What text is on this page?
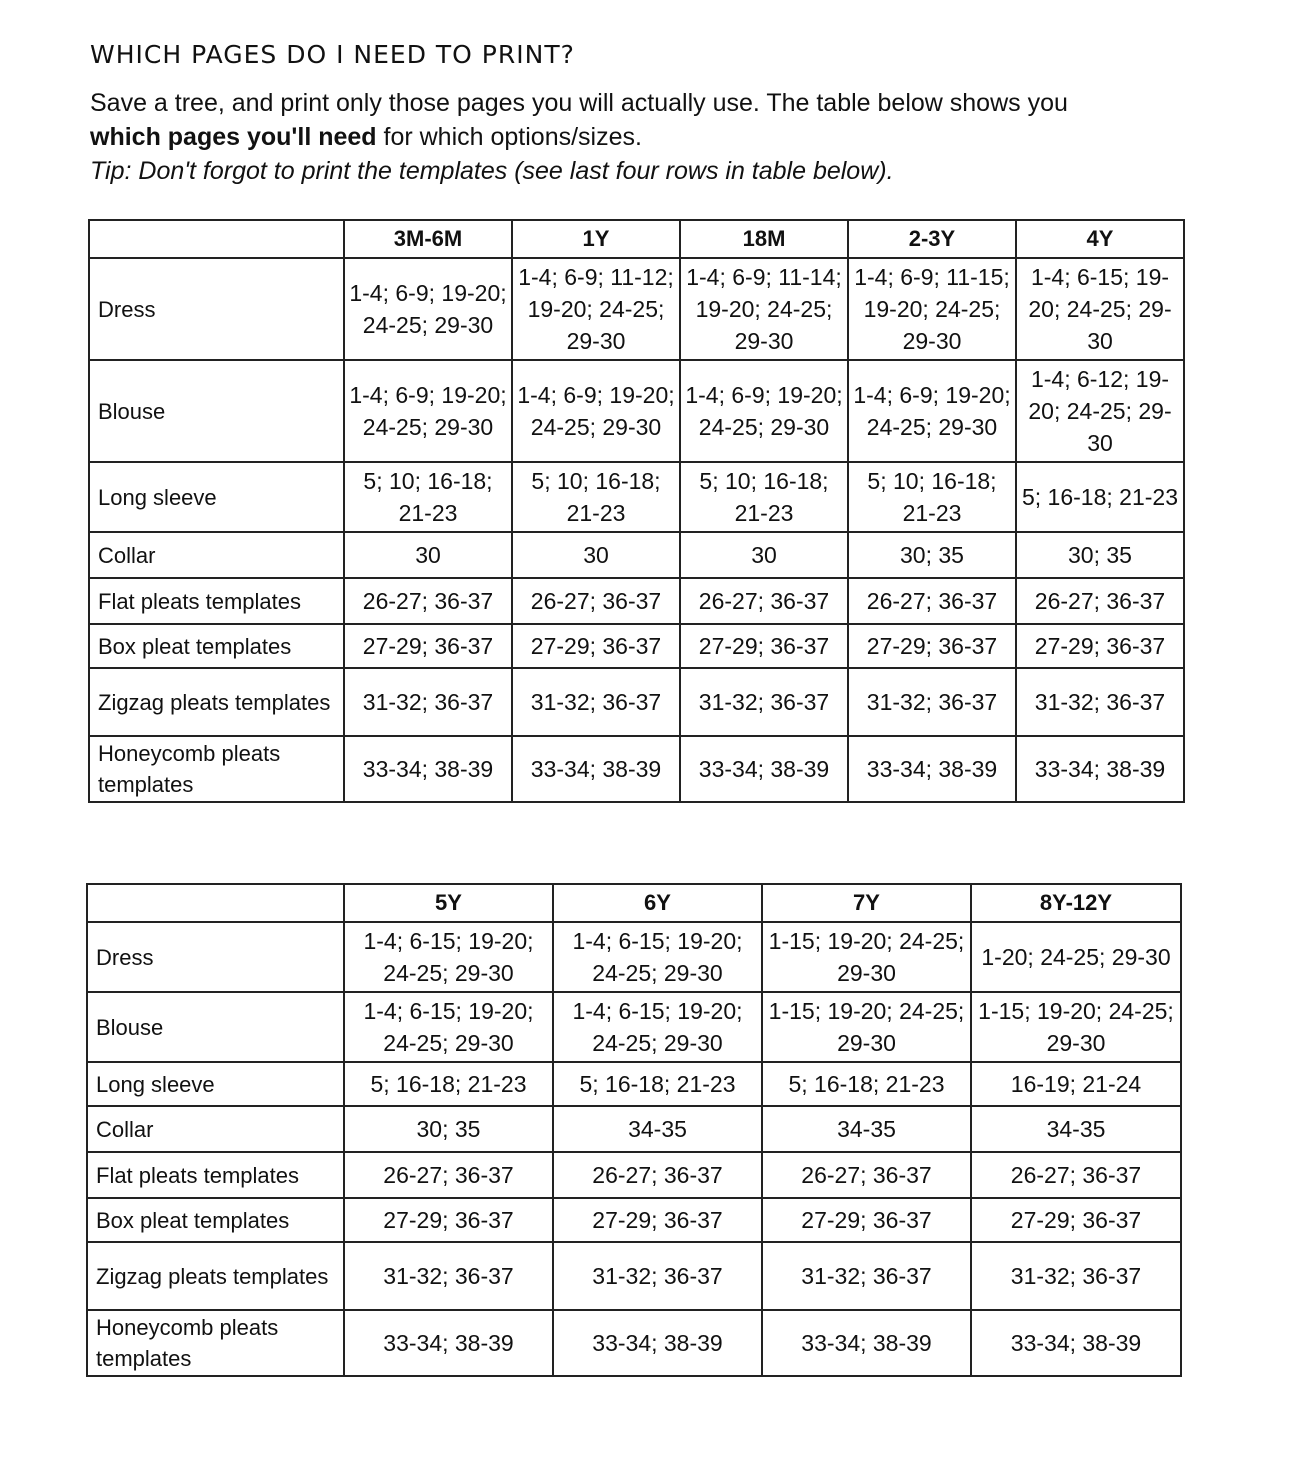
WHICH PAGES DO I NEED TO PRINT?

Save a tree, and print only those pages you will actually use. The table below shows you

which pages you'll need for which options/sizes.

Tip: Don't forgot to print the templates (see last four rows in table below).

	3M-6M	1Y	18M	2-3Y	4Y
Dress	1-4; 6-9; 19-20; 24-25; 29-30	1-4; 6-9; 11-12; 19-20; 24-25; 29-30	1-4; 6-9; 11-14; 19-20; 24-25; 29-30	1-4; 6-9; 11-15; 19-20; 24-25; 29-30	1-4; 6-15; 19-20; 24-25; 29-30
Blouse	1-4; 6-9; 19-20; 24-25; 29-30	1-4; 6-9; 19-20; 24-25; 29-30	1-4; 6-9; 19-20; 24-25; 29-30	1-4; 6-9; 19-20; 24-25; 29-30	1-4; 6-12; 19-20; 24-25; 29-30
Long sleeve	5; 10; 16-18; 21-23	5; 10; 16-18; 21-23	5; 10; 16-18; 21-23	5; 10; 16-18; 21-23	5; 16-18; 21-23
Collar	30	30	30	30; 35	30; 35
Flat pleats templates	26-27; 36-37	26-27; 36-37	26-27; 36-37	26-27; 36-37	26-27; 36-37
Box pleat templates	27-29; 36-37	27-29; 36-37	27-29; 36-37	27-29; 36-37	27-29; 36-37
Zigzag pleats templates	31-32; 36-37	31-32; 36-37	31-32; 36-37	31-32; 36-37	31-32; 36-37
Honeycomb pleats templates	33-34; 38-39	33-34; 38-39	33-34; 38-39	33-34; 38-39	33-34; 38-39
	5Y	6Y	7Y	8Y-12Y
Dress	1-4; 6-15; 19-20; 24-25; 29-30	1-4; 6-15; 19-20; 24-25; 29-30	1-15; 19-20; 24-25; 29-30	1-20; 24-25; 29-30
Blouse	1-4; 6-15; 19-20; 24-25; 29-30	1-4; 6-15; 19-20; 24-25; 29-30	1-15; 19-20; 24-25; 29-30	1-15; 19-20; 24-25; 29-30
Long sleeve	5; 16-18; 21-23	5; 16-18; 21-23	5; 16-18; 21-23	16-19; 21-24
Collar	30; 35	34-35	34-35	34-35
Flat pleats templates	26-27; 36-37	26-27; 36-37	26-27; 36-37	26-27; 36-37
Box pleat templates	27-29; 36-37	27-29; 36-37	27-29; 36-37	27-29; 36-37
Zigzag pleats templates	31-32; 36-37	31-32; 36-37	31-32; 36-37	31-32; 36-37
Honeycomb pleats templates	33-34; 38-39	33-34; 38-39	33-34; 38-39	33-34; 38-39
